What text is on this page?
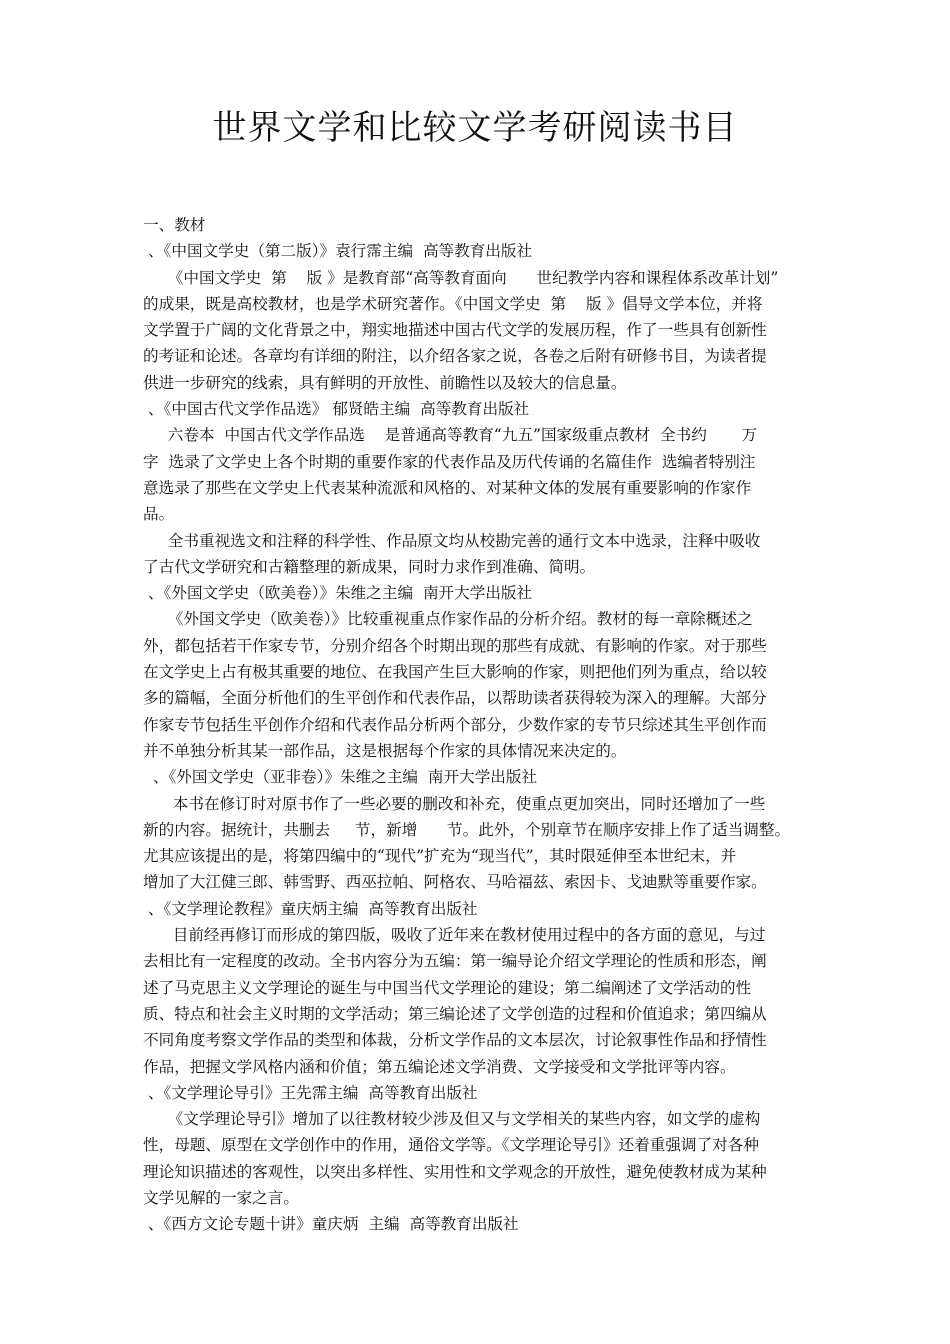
世界文学和比较文学考研阅读书目
一、教材
、《中国文学史（第二版）》袁行霈主编  高等教育出版社
《中国文学史  第    版 》是教育部“高等教育面向      世纪教学内容和课程体系改革计划”
的成果，既是高校教材，也是学术研究著作。《中国文学史  第    版 》倡导文学本位，并将
文学置于广阔的文化背景之中，翔实地描述中国古代文学的发展历程，作了一些具有创新性
的考证和论述。各章均有详细的附注，以介绍各家之说，各卷之后附有研修书目，为读者提
供进一步研究的线索，具有鲜明的开放性、前瞻性以及较大的信息量。
、《中国古代文学作品选》 郁贤皓主编  高等教育出版社
六卷本  中国古代文学作品选    是普通高等教育“九五”国家级重点教材  全书约       万
字  选录了文学史上各个时期的重要作家的代表作品及历代传诵的名篇佳作  选编者特别注
意选录了那些在文学史上代表某种流派和风格的、对某种文体的发展有重要影响的作家作
品。
全书重视选文和注释的科学性、作品原文均从校勘完善的通行文本中选录，注释中吸收
了古代文学研究和古籍整理的新成果，同时力求作到准确、简明。
、《外国文学史（欧美卷）》朱维之主编  南开大学出版社
《外国文学史（欧美卷）》比较重视重点作家作品的分析介绍。教材的每一章除概述之
外，都包括若干作家专节，分别介绍各个时期出现的那些有成就、有影响的作家。对于那些
在文学史上占有极其重要的地位、在我国产生巨大影响的作家，则把他们列为重点，给以较
多的篇幅，全面分析他们的生平创作和代表作品，以帮助读者获得较为深入的理解。大部分
作家专节包括生平创作介绍和代表作品分析两个部分，少数作家的专节只综述其生平创作而
并不单独分析其某一部作品，这是根据每个作家的具体情况来决定的。
、《外国文学史（亚非卷）》朱维之主编  南开大学出版社
本书在修订时对原书作了一些必要的删改和补充，使重点更加突出，同时还增加了一些
新的内容。据统计，共删去     节，新增      节。此外，个别章节在顺序安排上作了适当调整。
尤其应该提出的是，将第四编中的“现代”扩充为“现当代”，其时限延伸至本世纪末，并
增加了大江健三郎、韩雪野、西巫拉帕、阿格农、马哈福兹、索因卡、戈迪默等重要作家。
、《文学理论教程》童庆炳主编  高等教育出版社
目前经再修订而形成的第四版，吸收了近年来在教材使用过程中的各方面的意见，与过
去相比有一定程度的改动。全书内容分为五编：第一编导论介绍文学理论的性质和形态，阐
述了马克思主义文学理论的诞生与中国当代文学理论的建设；第二编阐述了文学活动的性
质、特点和社会主义时期的文学活动；第三编论述了文学创造的过程和价值追求；第四编从
不同角度考察文学作品的类型和体裁，分析文学作品的文本层次，讨论叙事性作品和抒情性
作品，把握文学风格内涵和价值；第五编论述文学消费、文学接受和文学批评等内容。
、《文学理论导引》王先霈主编  高等教育出版社
《文学理论导引》增加了以往教材较少涉及但又与文学相关的某些内容，如文学的虚构
性，母题、原型在文学创作中的作用，通俗文学等。《文学理论导引》还着重强调了对各种
理论知识描述的客观性，以突出多样性、实用性和文学观念的开放性，避免使教材成为某种
文学见解的一家之言。
、《西方文论专题十讲》童庆炳  主编  高等教育出版社
